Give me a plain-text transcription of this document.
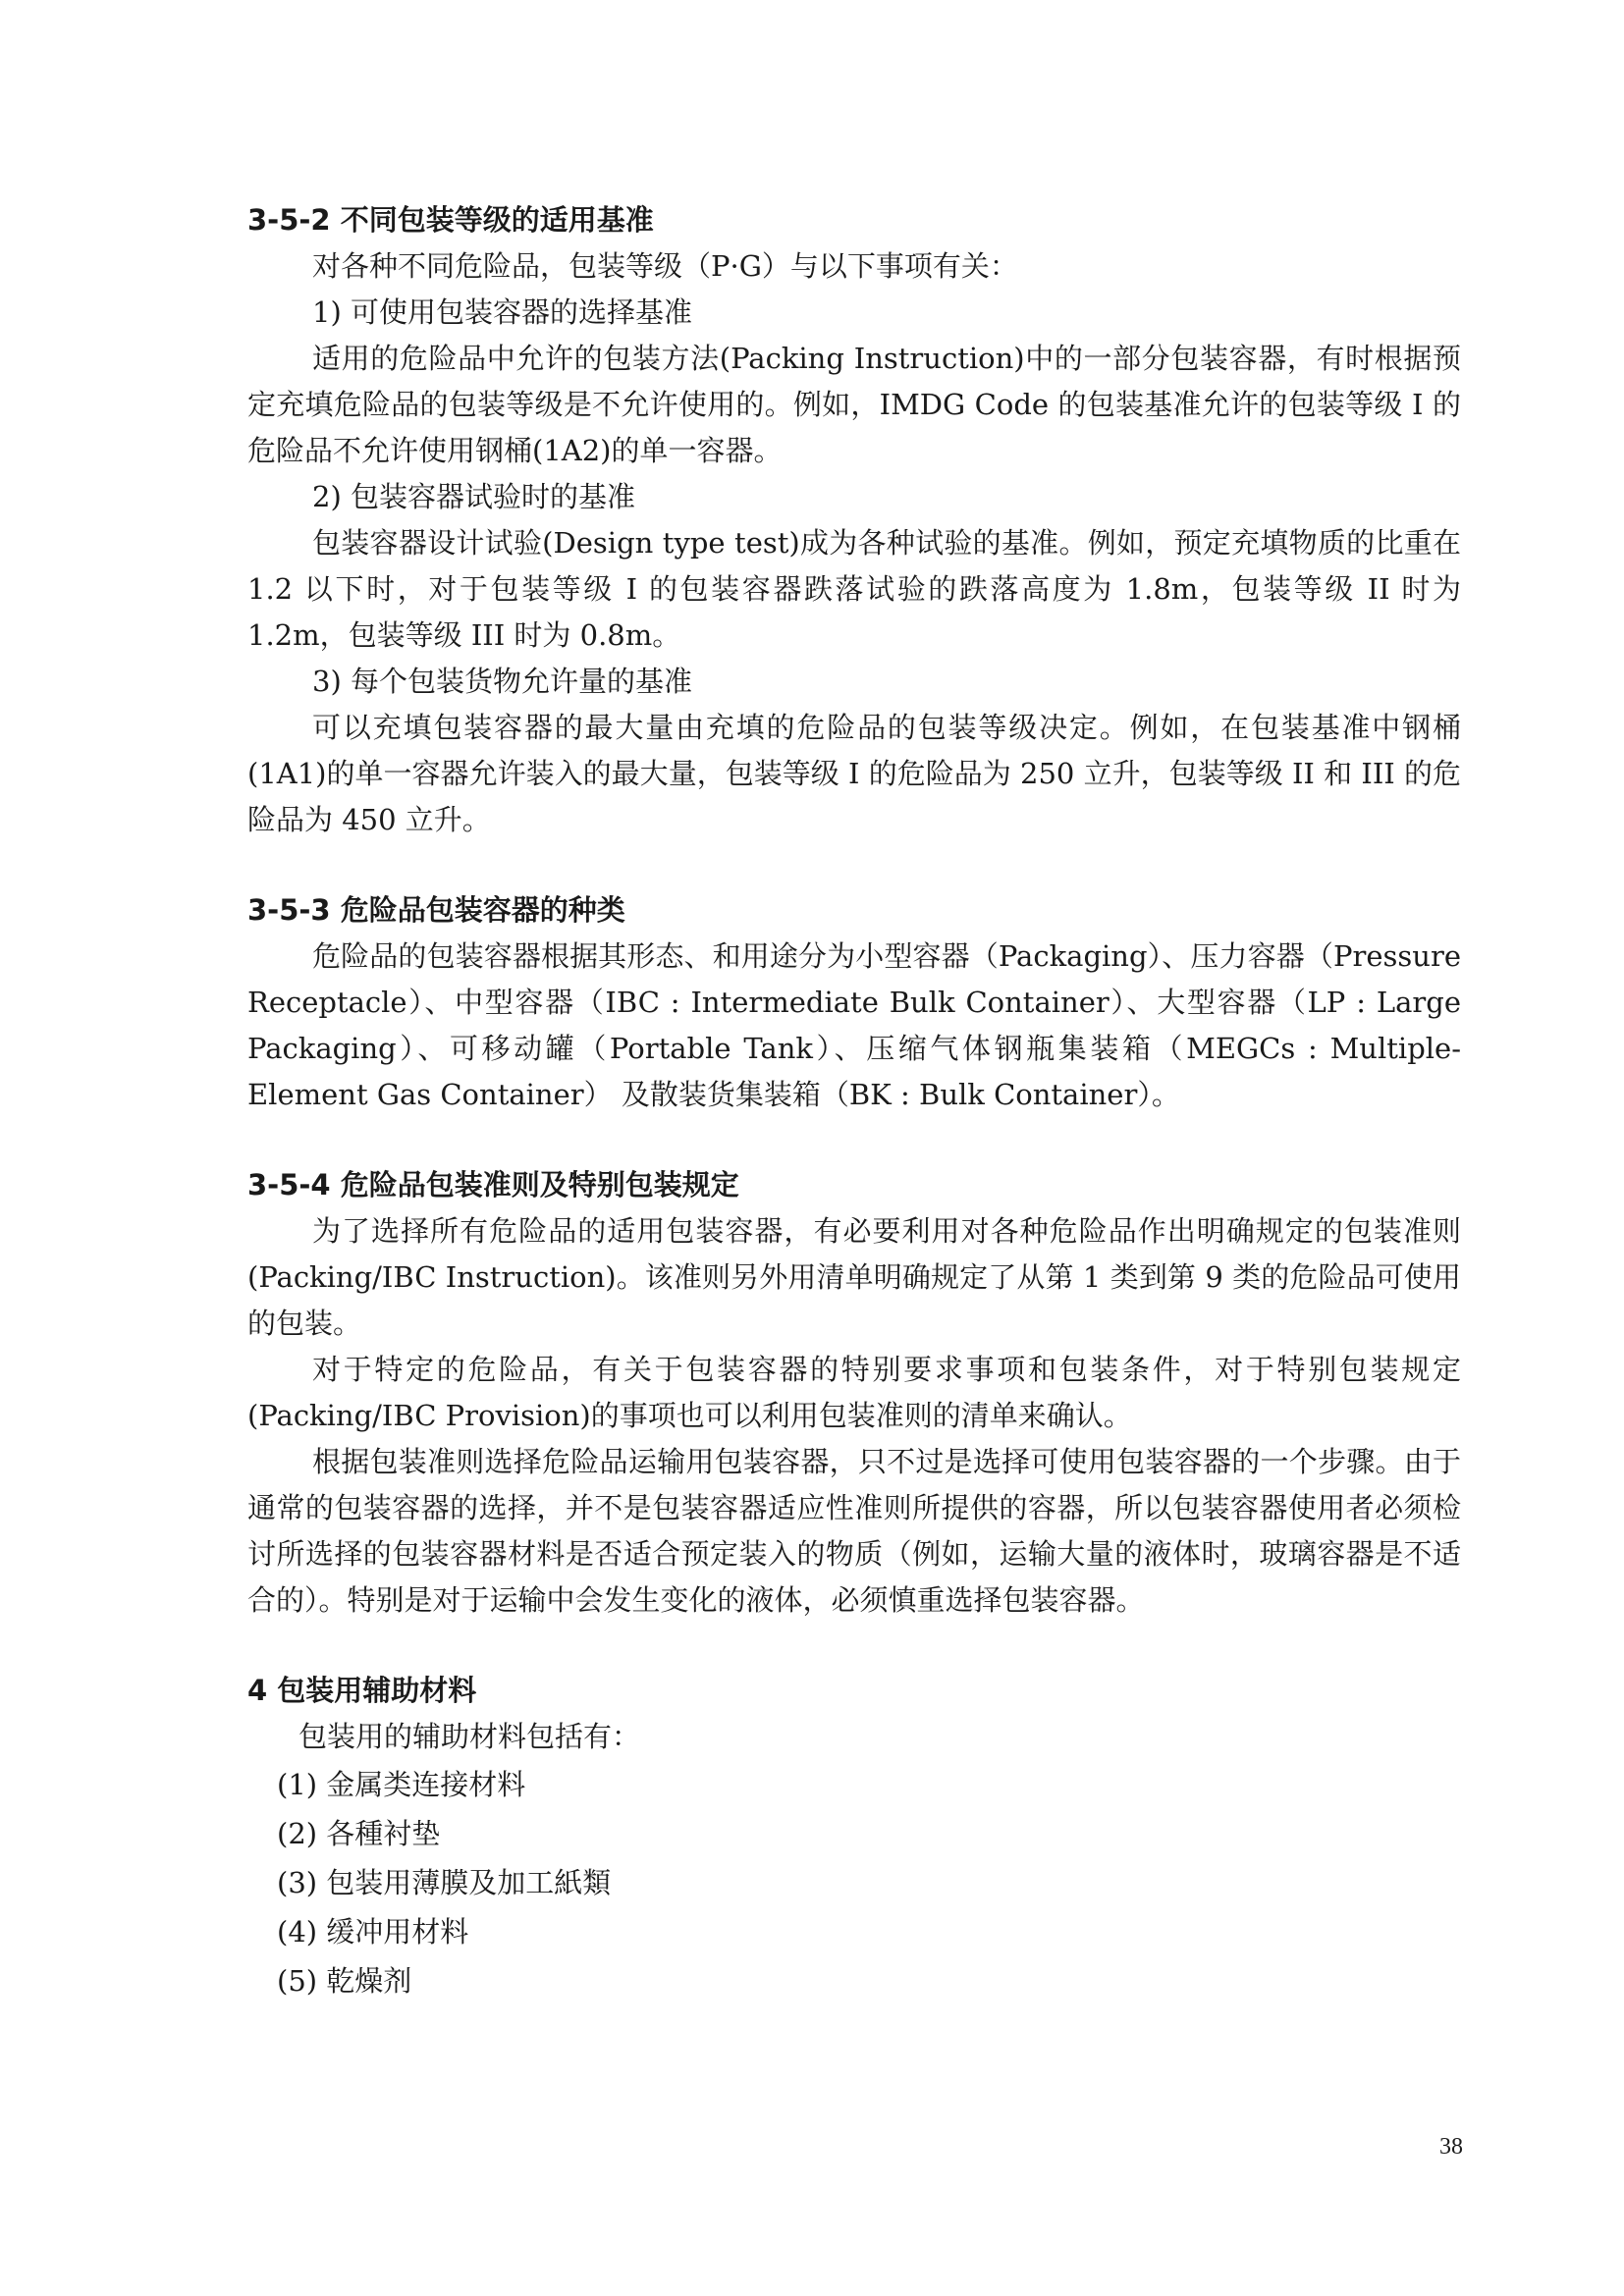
3-5-2 不同包装等级的适用基准

对各种不同危险品，包装等级（P·G）与以下事项有关：

1) 可使用包装容器的选择基准

适用的危险品中允许的包装方法(Packing Instruction)中的一部分包装容器，有时根据预定充填危险品的包装等级是不允许使用的。例如，IMDG Code 的包装基准允许的包装等级 I 的危险品不允许使用钢桶(1A2)的单一容器。

2) 包装容器试验时的基准

包装容器设计试验(Design type test)成为各种试验的基准。例如，预定充填物质的比重在 1.2 以下时，对于包装等级 I 的包装容器跌落试验的跌落高度为 1.8m，包装等级 II 时为 1.2m，包装等级 III 时为 0.8m。

3) 每个包装货物允许量的基准

可以充填包装容器的最大量由充填的危险品的包装等级决定。例如，在包装基准中钢桶(1A1)的单一容器允许装入的最大量，包装等级 I 的危险品为 250 立升，包装等级 II 和 III 的危险品为 450 立升。

3-5-3 危险品包装容器的种类

危险品的包装容器根据其形态、和用途分为小型容器（Packaging）、压力容器（Pressure Receptacle）、中型容器（IBC : Intermediate Bulk Container）、大型容器（LP : Large Packaging）、可移动罐（Portable Tank）、压缩气体钢瓶集装箱（MEGCs : Multiple-Element Gas Container） 及散装货集装箱（BK : Bulk Container）。

3-5-4 危险品包装准则及特别包装规定

为了选择所有危险品的适用包装容器，有必要利用对各种危险品作出明确规定的包装准则 (Packing/IBC Instruction)。该准则另外用清单明确规定了从第 1 类到第 9 类的危险品可使用的包装。

对于特定的危险品，有关于包装容器的特别要求事项和包装条件，对于特别包装规定(Packing/IBC Provision)的事项也可以利用包装准则的清单来确认。

根据包装准则选择危险品运输用包装容器，只不过是选择可使用包装容器的一个步骤。由于通常的包装容器的选择，并不是包装容器适应性准则所提供的容器，所以包装容器使用者必须检讨所选择的包装容器材料是否适合预定装入的物质（例如，运输大量的液体时，玻璃容器是不适合的）。特别是对于运输中会发生变化的液体，必须慎重选择包装容器。

4 包装用辅助材料

包装用的辅助材料包括有：

(1) 金属类连接材料

(2) 各種衬垫

(3) 包装用薄膜及加工紙類

(4) 缓冲用材料

(5) 乾燥剂

38
